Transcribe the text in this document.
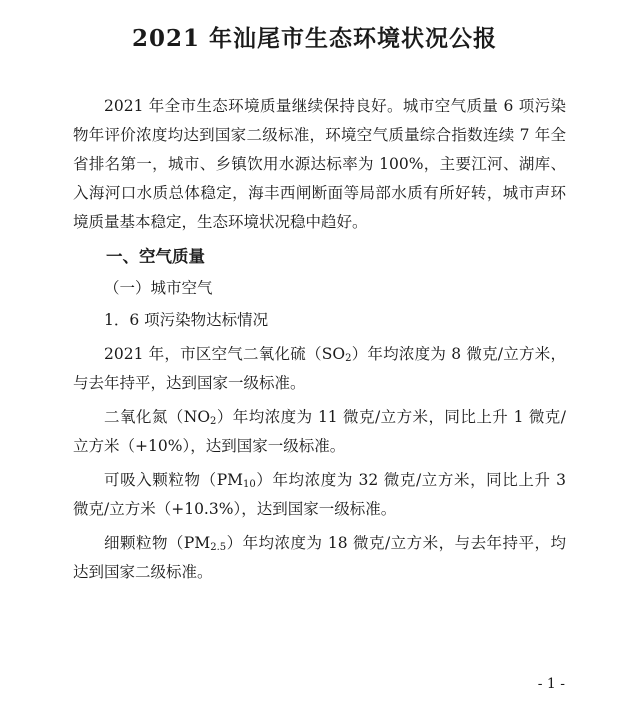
2021 年汕尾市生态环境状况公报

2021 年全市生态环境质量继续保持良好。城市空气质量 6 项污染物年评价浓度均达到国家二级标准，环境空气质量综合指数连续 7 年全省排名第一，城市、乡镇饮用水源达标率为 100%，主要江河、湖库、入海河口水质总体稳定，海丰西闸断面等局部水质有所好转，城市声环境质量基本稳定，生态环境状况稳中趋好。

一、空气质量

（一）城市空气

1．6 项污染物达标情况

2021 年，市区空气二氧化硫$(SO_2)$年均浓度为 8 微克/立方米，与去年持平，达到国家一级标准。

二氧化氮$(NO_2)$年均浓度为 11 微克/立方米，同比上升 1 微克/立方米（+10%），达到国家一级标准。

可吸入颗粒物$(PM_{10})$年均浓度为 32 微克/立方米，同比上升 3 微克/立方米（+10.3%），达到国家一级标准。

细颗粒物$(PM_{2.5})$年均浓度为 18 微克/立方米，与去年持平，均达到国家二级标准。

- 1 -
